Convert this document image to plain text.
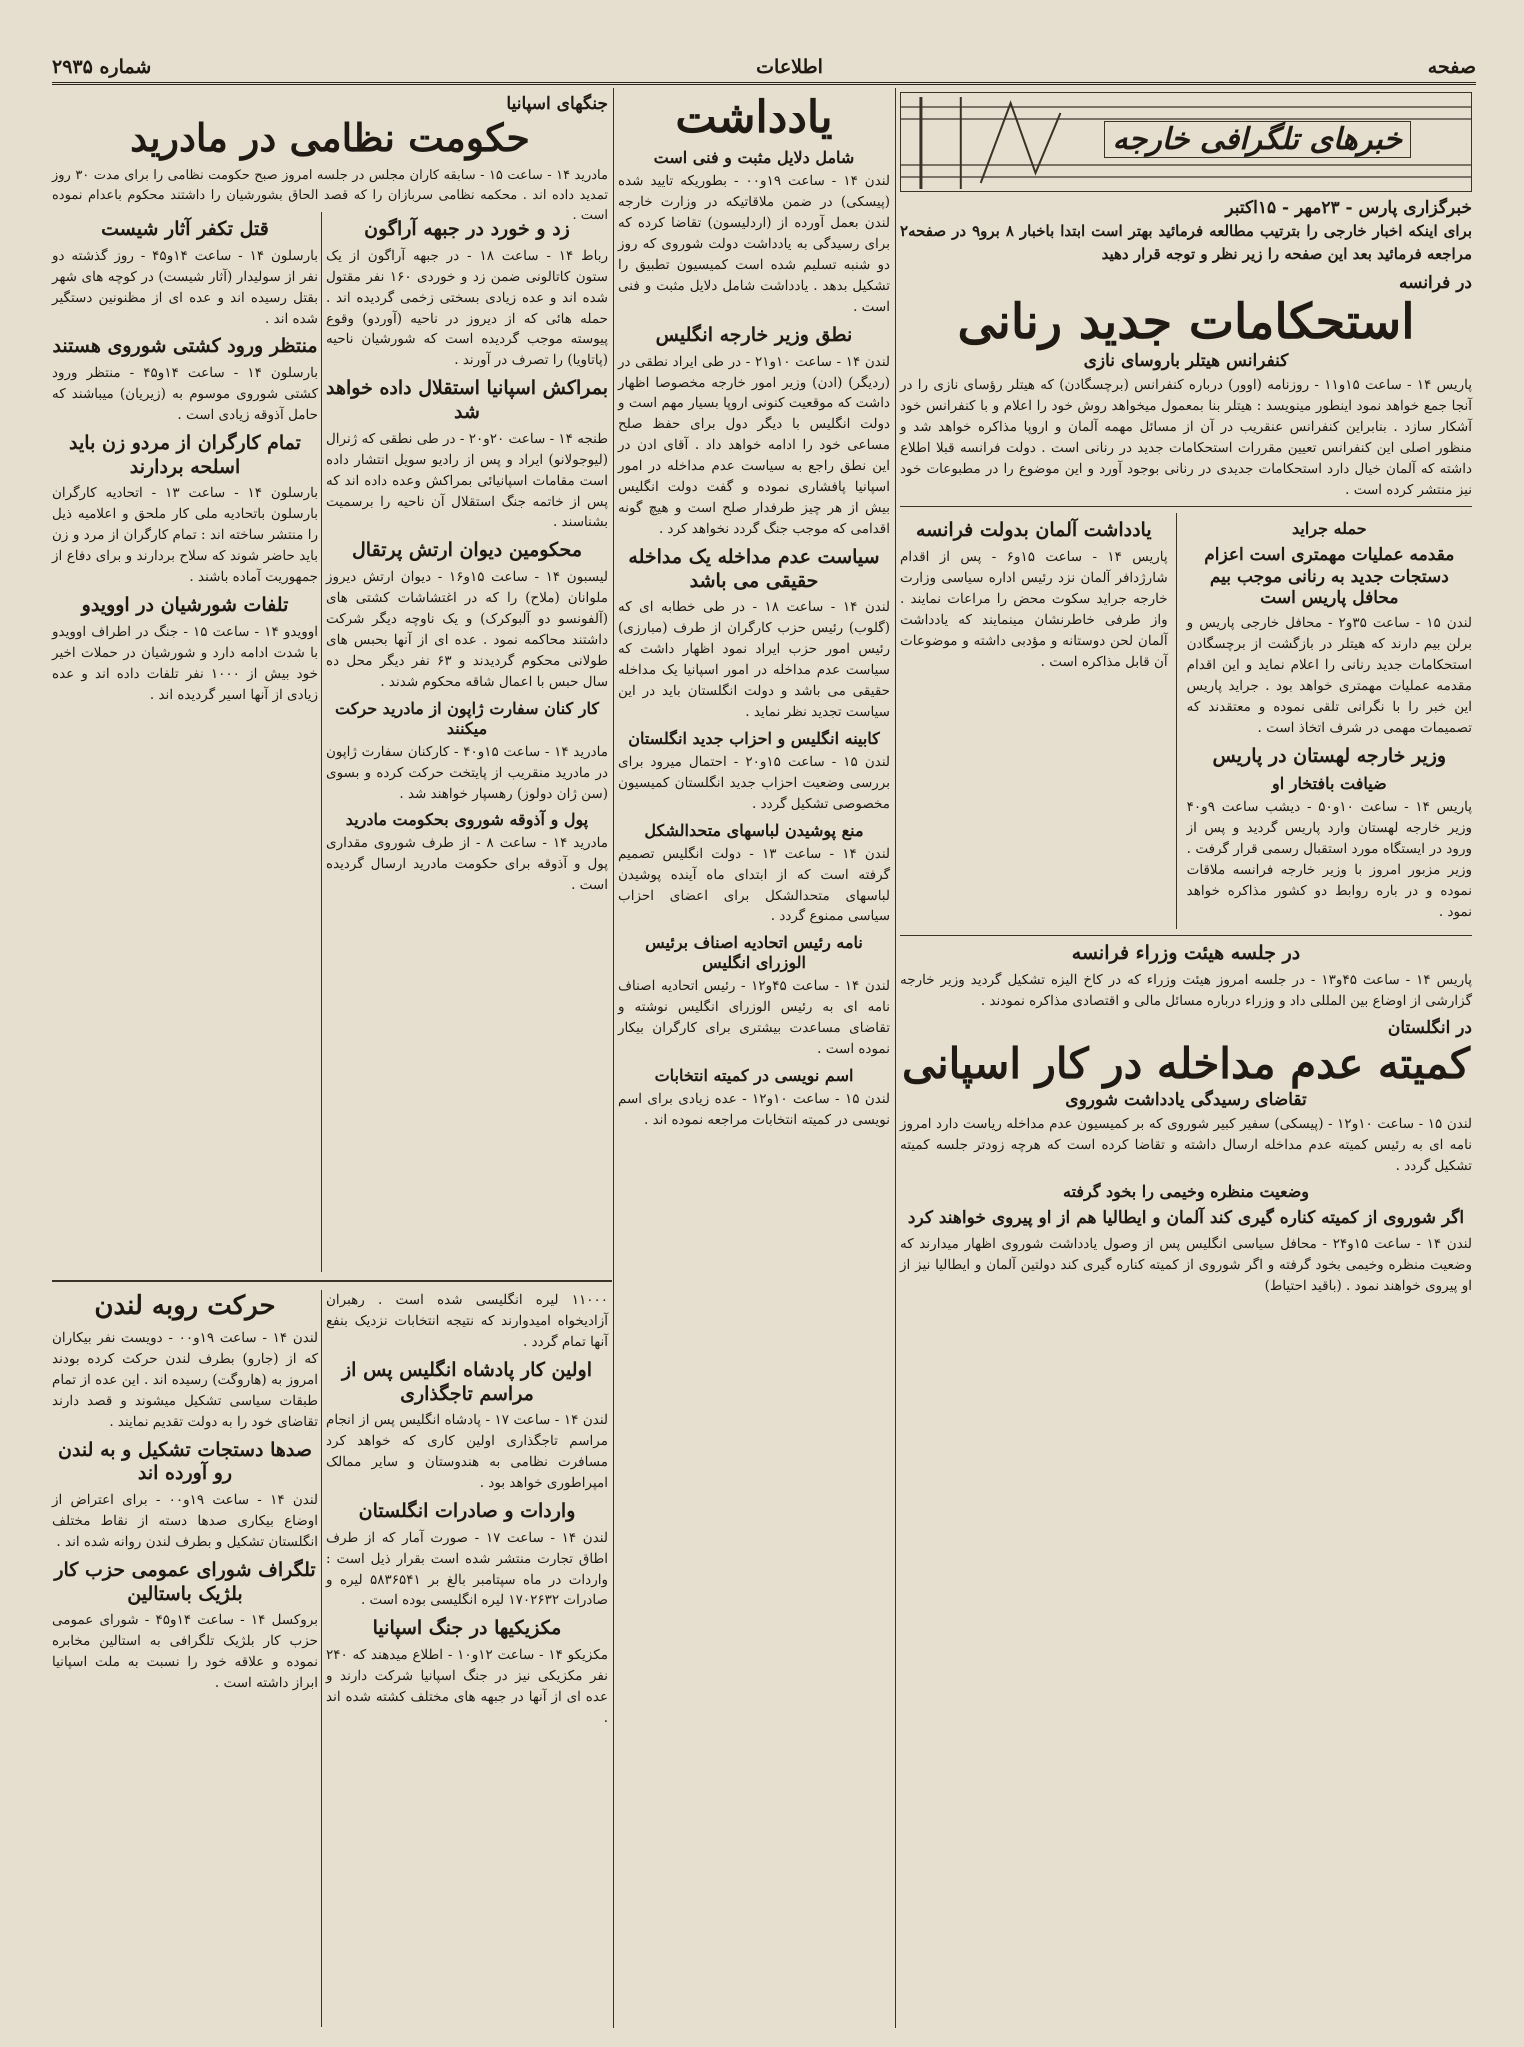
صفحه
اطلاعات
شماره ۲۹۳۵
خبرهای تلگرافی خارجه
خبرگزاری پارس - ۲۳مهر - ۱۵اکتبر
برای اینکه اخبار خارجی را بترتیب مطالعه فرمائید بهتر است ابتدا باخبار ۸ برو۹ در صفحه۲ مراجعه فرمائید بعد این صفحه را زیر نظر و توجه قرار دهید
در فرانسه
استحکامات جدید رنانی
کنفرانس هیتلر باروسای نازی
پاریس ۱۴ - ساعت ۱۵و۱۱ - روزنامه (اوور) درباره کنفرانس (برچسگادن) که هیتلر رؤسای نازی را در آنجا جمع خواهد نمود اینطور مینویسد : هیتلر بنا بمعمول میخواهد روش خود را اعلام و با کنفرانس خود آشکار سازد . بنابراین کنفرانس عنقریب در آن از مسائل مهمه آلمان و اروپا مذاکره خواهد شد و منظور اصلی این کنفرانس تعیین مقررات استحکامات جدید در رنانی است . دولت فرانسه قبلا اطلاع داشته که آلمان خیال دارد استحکامات جدیدی در رنانی بوجود آورد و این موضوع را در مطبوعات خود نیز منتشر کرده است .
حمله جراید
مقدمه عملیات مهمتری است اعزام دستجات جدید به رنانی موجب بیم محافل پاریس است
لندن ۱۵ - ساعت ۳۵و۲ - محافل خارجی پاریس و برلن بیم دارند که هیتلر در بازگشت از برچسگادن استحکامات جدید رنانی را اعلام نماید و این اقدام مقدمه عملیات مهمتری خواهد بود . جراید پاریس این خبر را با نگرانی تلقی نموده و معتقدند که تصمیمات مهمی در شرف اتخاذ است .
وزیر خارجه لهستان در پاریس
ضیافت بافتخار او
پاریس ۱۴ - ساعت ۱۰و۵۰ - دیشب ساعت ۹و۴۰ وزیر خارجه لهستان وارد پاریس گردید و پس از ورود در ایستگاه مورد استقبال رسمی قرار گرفت . وزیر مزبور امروز با وزیر خارجه فرانسه ملاقات نموده و در باره روابط دو کشور مذاکره خواهد نمود .
یادداشت آلمان بدولت فرانسه
پاریس ۱۴ - ساعت ۱۵و۶ - پس از اقدام شارژدافر آلمان نزد رئیس اداره سیاسی وزارت خارجه جراید سکوت محض را مراعات نمایند . واز طرفی خاطرنشان مینمایند که یادداشت آلمان لحن دوستانه و مؤدبی داشته و موضوعات آن قابل مذاکره است .
در جلسه هیئت وزراء فرانسه
پاریس ۱۴ - ساعت ۴۵و۱۳ - در جلسه امروز هیئت وزراء که در کاخ الیزه تشکیل گردید وزیر خارجه گزارشی از اوضاع بین المللی داد و وزراء درباره مسائل مالی و اقتصادی مذاکره نمودند .
در انگلستان
کمیته عدم مداخله در کار اسپانی
تقاضای رسیدگی یادداشت شوروی
لندن ۱۵ - ساعت ۱۰و۱۲ - (پیسکی) سفیر کبیر شوروی که بر کمیسیون عدم مداخله ریاست دارد امروز نامه ای به رئیس کمیته عدم مداخله ارسال داشته و تقاضا کرده است که هرچه زودتر جلسه کمیته تشکیل گردد .
وضعیت منظره وخیمی را بخود گرفته
اگر شوروی از کمیته کناره گیری کند آلمان و ایطالیا هم از او پیروی خواهند کرد
لندن ۱۴ - ساعت ۱۵و۲۴ - محافل سیاسی انگلیس پس از وصول یادداشت شوروی اظهار میدارند که وضعیت منظره وخیمی بخود گرفته و اگر شوروی از کمیته کناره گیری کند دولتین آلمان و ایطالیا نیز از او پیروی خواهند نمود . (باقید احتیاط)
یادداشت
شامل دلایل مثبت و فنی است
لندن ۱۴ - ساعت ۱۹و۰۰ - بطوریکه تایید شده (پیسکی) در ضمن ملاقاتیکه در وزارت خارجه لندن بعمل آورده از (اردلیسون) تقاضا کرده که برای رسیدگی به یادداشت دولت شوروی که روز دو شنبه تسلیم شده است کمیسیون تطبیق را تشکیل بدهد . یادداشت شامل دلایل مثبت و فنی است .
نطق وزیر خارجه انگلیس
لندن ۱۴ - ساعت ۱۰و۲۱ - در طی ایراد نطقی در (ردیگر) (ادن) وزیر امور خارجه مخصوصا اظهار داشت که موقعیت کنونی اروپا بسیار مهم است و دولت انگلیس با دیگر دول برای حفظ صلح مساعی خود را ادامه خواهد داد . آقای ادن در این نطق راجع به سیاست عدم مداخله در امور اسپانیا پافشاری نموده و گفت دولت انگلیس بیش از هر چیز طرفدار صلح است و هیچ گونه اقدامی که موجب جنگ گردد نخواهد کرد .
سیاست عدم مداخله یک مداخله حقیقی می باشد
لندن ۱۴ - ساعت ۱۸ - در طی خطابه ای که (گلوب) رئیس حزب کارگران از طرف (مبارزی) رئیس امور حزب ایراد نمود اظهار داشت که سیاست عدم مداخله در امور اسپانیا یک مداخله حقیقی می باشد و دولت انگلستان باید در این سیاست تجدید نظر نماید .
کابینه انگلیس و احزاب جدید انگلستان
لندن ۱۵ - ساعت ۱۵و۲۰ - احتمال میرود برای بررسی وضعیت احزاب جدید انگلستان کمیسیون مخصوصی تشکیل گردد .
منع پوشیدن لباسهای متحدالشکل
لندن ۱۴ - ساعت ۱۳ - دولت انگلیس تصمیم گرفته است که از ابتدای ماه آینده پوشیدن لباسهای متحدالشکل برای اعضای احزاب سیاسی ممنوع گردد .
نامه رئیس اتحادیه اصناف برئیس الوزرای انگلیس
لندن ۱۴ - ساعت ۴۵و۱۲ - رئیس اتحادیه اصناف نامه ای به رئیس الوزرای انگلیس نوشته و تقاضای مساعدت بیشتری برای کارگران بیکار نموده است .
اسم نویسی در کمیته انتخابات
لندن ۱۵ - ساعت ۱۰و۱۲ - عده زیادی برای اسم نویسی در کمیته انتخابات مراجعه نموده اند .
جنگهای اسپانیا
حکومت نظامی در مادرید
مادرید ۱۴ - ساعت ۱۵ - سابقه کاران مجلس در جلسه امروز صبح حکومت نظامی را برای مدت ۳۰ روز تمدید داده اند . محکمه نظامی سربازان را که قصد الحاق بشورشیان را داشتند محکوم باعدام نموده است .
زد و خورد در جبهه آراگون
رباط ۱۴ - ساعت ۱۸ - در جبهه آراگون از یک ستون کاتالونی ضمن زد و خوردی ۱۶۰ نفر مقتول شده اند و عده زیادی بسختی زخمی گردیده اند . حمله هائی که از دیروز در ناحیه (آوردو) وقوع پیوسته موجب گردیده است که شورشیان ناحیه (پاتاویا) را تصرف در آورند .
بمراکش اسپانیا استقلال داده خواهد شد
طنجه ۱۴ - ساعت ۲۰و۲۰ - در طی نطقی که ژنرال (لیوجولانو) ایراد و پس از رادیو سویل انتشار داده است مقامات اسپانیائی بمراکش وعده داده اند که پس از خاتمه جنگ استقلال آن ناحیه را برسمیت بشناسند .
محکومین دیوان ارتش پرتقال
لیسبون ۱۴ - ساعت ۱۵و۱۶ - دیوان ارتش دیروز ملوانان (ملاح) را که در اغتشاشات کشتی های (آلفونسو دو آلبوکرک) و یک ناوچه دیگر شرکت داشتند محاکمه نمود . عده ای از آنها بحبس های طولانی محکوم گردیدند و ۶۳ نفر دیگر محل ده سال حبس با اعمال شاقه محکوم شدند .
کار کنان سفارت ژاپون از مادرید حرکت میکنند
مادرید ۱۴ - ساعت ۱۵و۴۰ - کارکنان سفارت ژاپون در مادرید منقریب از پایتخت حرکت کرده و بسوی (سن ژان دولوز) رهسپار خواهند شد .
پول و آذوقه شوروی بحکومت مادرید
مادرید ۱۴ - ساعت ۸ - از طرف شوروی مقداری پول و آذوقه برای حکومت مادرید ارسال گردیده است .
قتل تکفر آثار شیست
بارسلون ۱۴ - ساعت ۱۴و۴۵ - روز گذشته دو نفر از سولیدار (آثار شیست) در کوچه های شهر بقتل رسیده اند و عده ای از مظنونین دستگیر شده اند .
منتظر ورود کشتی شوروی هستند
بارسلون ۱۴ - ساعت ۱۴و۴۵ - منتظر ورود کشتی شوروی موسوم به (زیریان) میباشند که حامل آذوقه زیادی است .
تمام کارگران از مردو زن باید اسلحه بردارند
بارسلون ۱۴ - ساعت ۱۳ - اتحادیه کارگران بارسلون باتحادیه ملی کار ملحق و اعلامیه ذیل را منتشر ساخته اند : تمام کارگران از مرد و زن باید حاضر شوند که سلاح بردارند و برای دفاع از جمهوریت آماده باشند .
تلفات شورشیان در اوویدو
اوویدو ۱۴ - ساعت ۱۵ - جنگ در اطراف اوویدو با شدت ادامه دارد و شورشیان در حملات اخیر خود بیش از ۱۰۰۰ نفر تلفات داده اند و عده زیادی از آنها اسیر گردیده اند .
۱۱۰۰۰ لیره انگلیسی شده است . رهبران آزادیخواه امیدوارند که نتیجه انتخابات نزدیک بنفع آنها تمام گردد .
اولین کار پادشاه انگلیس پس از مراسم تاجگذاری
لندن ۱۴ - ساعت ۱۷ - پادشاه انگلیس پس از انجام مراسم تاجگذاری اولین کاری که خواهد کرد مسافرت نظامی به هندوستان و سایر ممالک امپراطوری خواهد بود .
واردات و صادرات انگلستان
لندن ۱۴ - ساعت ۱۷ - صورت آمار که از طرف اطاق تجارت منتشر شده است بقرار ذیل است : واردات در ماه سپتامبر بالغ بر ۵۸۳۶۵۴۱ لیره و صادرات ۱۷۰۲۶۳۲ لیره انگلیسی بوده است .
مکزیکیها در جنگ اسپانیا
مکزیکو ۱۴ - ساعت ۱۲و۱۰ - اطلاع میدهند که ۲۴۰ نفر مکزیکی نیز در جنگ اسپانیا شرکت دارند و عده ای از آنها در جبهه های مختلف کشته شده اند .
حرکت روبه لندن
لندن ۱۴ - ساعت ۱۹و۰۰ - دویست نفر بیکاران که از (جارو) بطرف لندن حرکت کرده بودند امروز به (هاروگت) رسیده اند . این عده از تمام طبقات سیاسی تشکیل میشوند و قصد دارند تقاضای خود را به دولت تقدیم نمایند .
صدها دستجات تشکیل و به لندن رو آورده اند
لندن ۱۴ - ساعت ۱۹و۰۰ - برای اعتراض از اوضاع بیکاری صدها دسته از نقاط مختلف انگلستان تشکیل و بطرف لندن روانه شده اند .
تلگراف شورای عمومی حزب کار بلژیک باستالین
بروکسل ۱۴ - ساعت ۱۴و۴۵ - شورای عمومی حزب کار بلژیک تلگرافی به استالین مخابره نموده و علاقه خود را نسبت به ملت اسپانیا ابراز داشته است .
